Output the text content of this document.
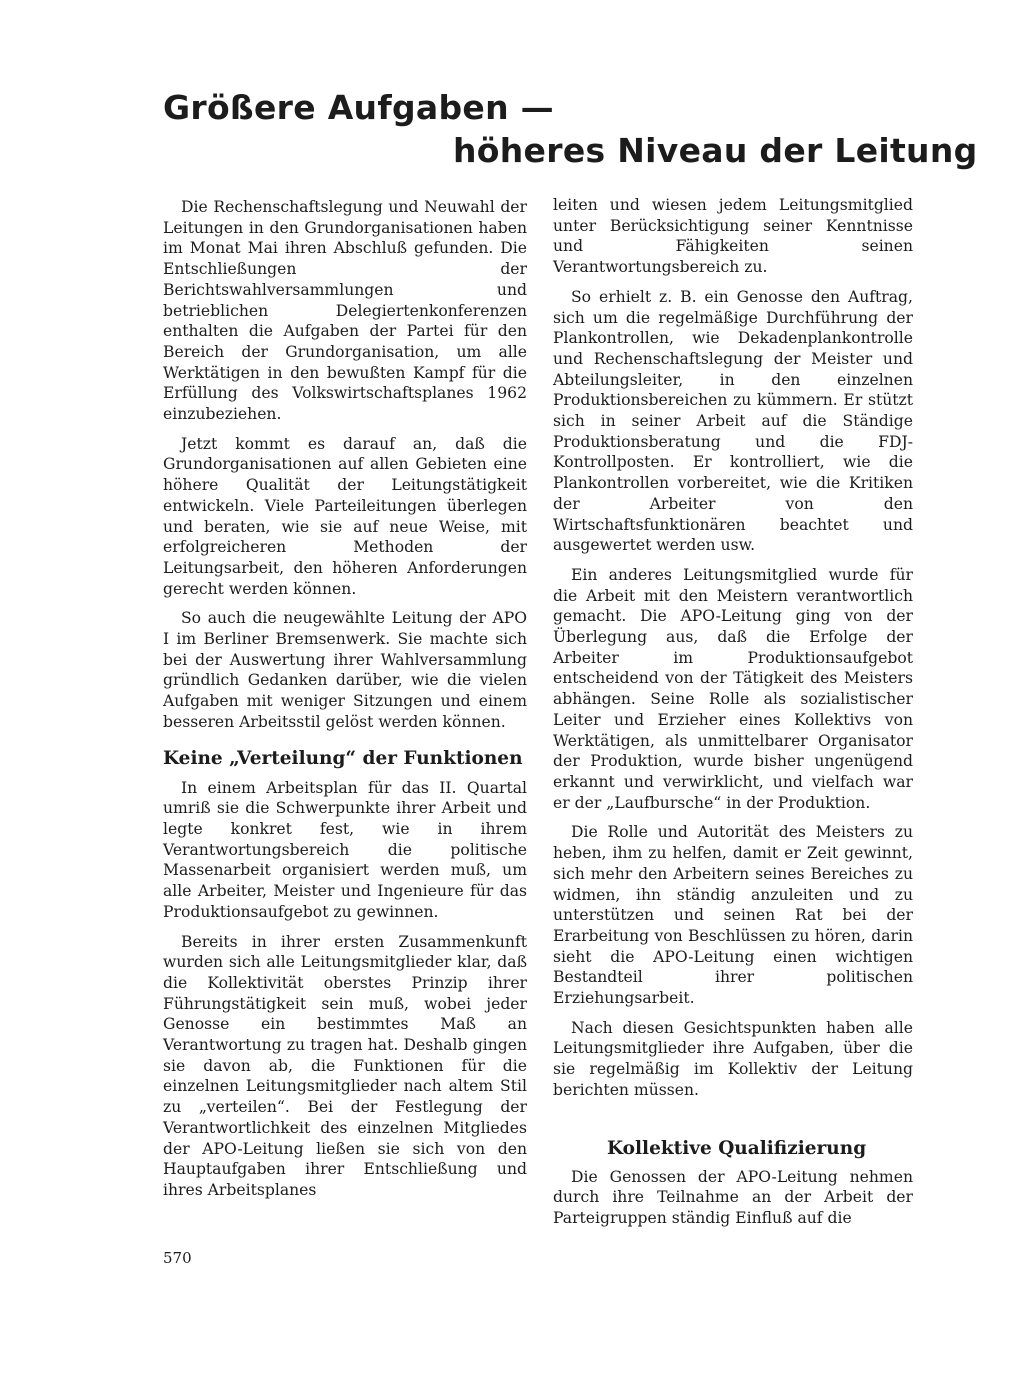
Größere Aufgaben —
höheres Niveau der Leitung

Die Rechenschaftslegung und Neuwahl der Leitungen in den Grundorganisationen haben im Monat Mai ihren Abschluß gefunden. Die Entschließungen der Berichtswahlversammlungen und betrieblichen Delegiertenkonferenzen enthalten die Aufgaben der Partei für den Bereich der Grundorganisation, um alle Werktätigen in den bewußten Kampf für die Erfüllung des Volkswirtschaftsplanes 1962 einzubeziehen.

Jetzt kommt es darauf an, daß die Grundorganisationen auf allen Gebieten eine höhere Qualität der Leitungstätigkeit entwickeln. Viele Parteileitungen überlegen und beraten, wie sie auf neue Weise, mit erfolgreicheren Methoden der Leitungsarbeit, den höheren Anforderungen gerecht werden können.

So auch die neugewählte Leitung der APO I im Berliner Bremsenwerk. Sie machte sich bei der Auswertung ihrer Wahlversammlung gründlich Gedanken darüber, wie die vielen Aufgaben mit weniger Sitzungen und einem besseren Arbeitsstil gelöst werden können.

Keine „Verteilung“ der Funktionen

In einem Arbeitsplan für das II. Quartal umriß sie die Schwerpunkte ihrer Arbeit und legte konkret fest, wie in ihrem Verantwortungsbereich die politische Massenarbeit organisiert werden muß, um alle Arbeiter, Meister und Ingenieure für das Produktionsaufgebot zu gewinnen.

Bereits in ihrer ersten Zusammenkunft wurden sich alle Leitungsmitglieder klar, daß die Kollektivität oberstes Prinzip ihrer Führungstätigkeit sein muß, wobei jeder Genosse ein bestimmtes Maß an Verantwortung zu tragen hat. Deshalb gingen sie davon ab, die Funktionen für die einzelnen Leitungsmitglieder nach altem Stil zu „verteilen“. Bei der Festlegung der Verantwortlichkeit des einzelnen Mitgliedes der APO-Leitung ließen sie sich von den Hauptaufgaben ihrer Entschließung und ihres Arbeitsplanes

leiten und wiesen jedem Leitungsmitglied unter Berücksichtigung seiner Kenntnisse und Fähigkeiten seinen Verantwortungsbereich zu.

So erhielt z. B. ein Genosse den Auftrag, sich um die regelmäßige Durchführung der Plankontrollen, wie Dekadenplankontrolle und Rechenschaftslegung der Meister und Abteilungsleiter, in den einzelnen Produktionsbereichen zu kümmern. Er stützt sich in seiner Arbeit auf die Ständige Produktionsberatung und die FDJ-Kontrollposten. Er kontrolliert, wie die Plankontrollen vorbereitet, wie die Kritiken der Arbeiter von den Wirtschaftsfunktionären beachtet und ausgewertet werden usw.

Ein anderes Leitungsmitglied wurde für die Arbeit mit den Meistern verantwortlich gemacht. Die APO-Leitung ging von der Überlegung aus, daß die Erfolge der Arbeiter im Produktionsaufgebot entscheidend von der Tätigkeit des Meisters abhängen. Seine Rolle als sozialistischer Leiter und Erzieher eines Kollektivs von Werktätigen, als unmittelbarer Organisator der Produktion, wurde bisher ungenügend erkannt und verwirklicht, und vielfach war er der „Laufbursche“ in der Produktion.

Die Rolle und Autorität des Meisters zu heben, ihm zu helfen, damit er Zeit gewinnt, sich mehr den Arbeitern seines Bereiches zu widmen, ihn ständig anzuleiten und zu unterstützen und seinen Rat bei der Erarbeitung von Beschlüssen zu hören, darin sieht die APO-Leitung einen wichtigen Bestandteil ihrer politischen Erziehungsarbeit.

Nach diesen Gesichtspunkten haben alle Leitungsmitglieder ihre Aufgaben, über die sie regelmäßig im Kollektiv der Leitung berichten müssen.

Kollektive Qualifizierung

Die Genossen der APO-Leitung nehmen durch ihre Teilnahme an der Arbeit der Parteigruppen ständig Einfluß auf die

570
